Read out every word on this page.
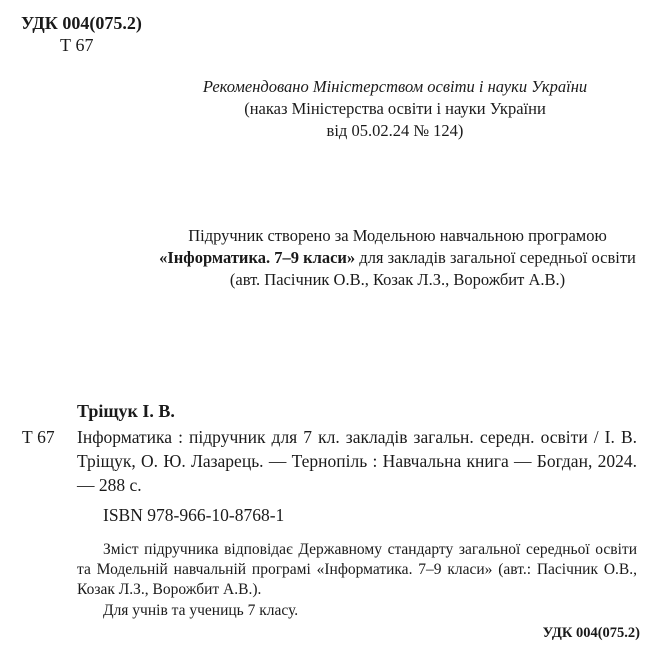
УДК 004(075.2)
Т 67
Рекомендовано Міністерством освіти і науки України
(наказ Міністерства освіти і науки України
від 05.02.24 № 124)
Підручник створено за Модельною навчальною програмою
«Інформатика. 7–9 класи» для закладів загальної середньої освіти
(авт. Пасічник О.В., Козак Л.З., Ворожбит А.В.)
Тріщук І. В.
Т 67 Інформатика : підручник для 7 кл. закладів загальн. середн. освіти / І. В. Тріщук, О. Ю. Лазарець. — Тернопіль : Навчальна книга — Богдан, 2024. — 288 с.
ISBN 978-966-10-8768-1
Зміст підручника відповідає Державному стандарту загальної середньої освіти та Модельній навчальній програмі «Інформатика. 7–9 класи» (авт.: Пасічник О.В., Козак Л.З., Ворожбит А.В.).
Для учнів та учениць 7 класу.
УДК 004(075.2)
